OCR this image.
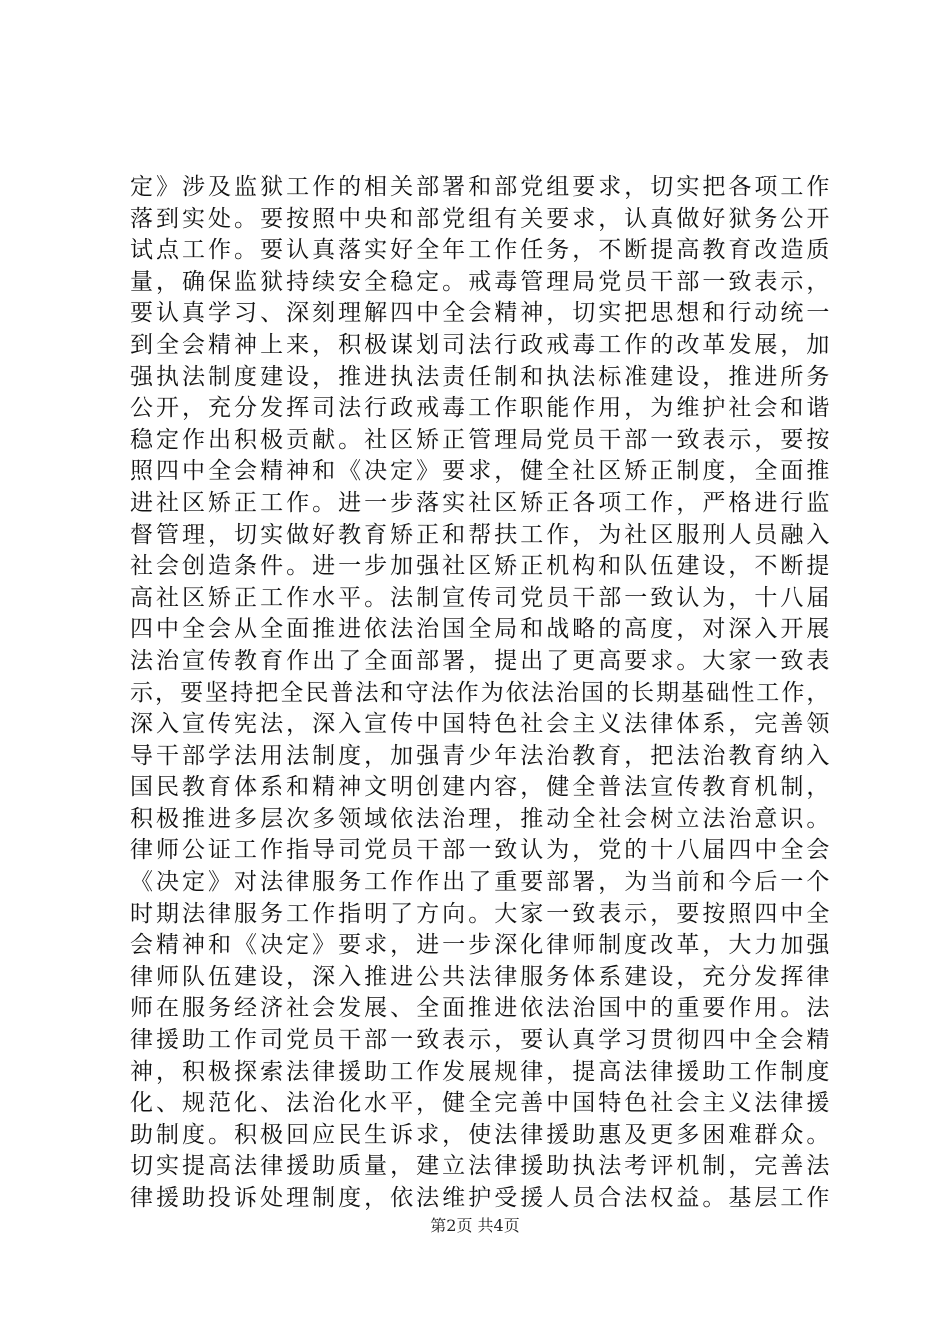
定》涉及监狱工作的相关部署和部党组要求，切实把各项工作
落到实处。要按照中央和部党组有关要求，认真做好狱务公开
试点工作。要认真落实好全年工作任务，不断提高教育改造质
量，确保监狱持续安全稳定。戒毒管理局党员干部一致表示，
要认真学习、深刻理解四中全会精神，切实把思想和行动统一
到全会精神上来，积极谋划司法行政戒毒工作的改革发展，加
强执法制度建设，推进执法责任制和执法标准建设，推进所务
公开，充分发挥司法行政戒毒工作职能作用，为维护社会和谐
稳定作出积极贡献。社区矫正管理局党员干部一致表示，要按
照四中全会精神和《决定》要求，健全社区矫正制度，全面推
进社区矫正工作。进一步落实社区矫正各项工作，严格进行监
督管理，切实做好教育矫正和帮扶工作，为社区服刑人员融入
社会创造条件。进一步加强社区矫正机构和队伍建设，不断提
高社区矫正工作水平。法制宣传司党员干部一致认为，十八届
四中全会从全面推进依法治国全局和战略的高度，对深入开展
法治宣传教育作出了全面部署，提出了更高要求。大家一致表
示，要坚持把全民普法和守法作为依法治国的长期基础性工作，
深入宣传宪法，深入宣传中国特色社会主义法律体系，完善领
导干部学法用法制度，加强青少年法治教育，把法治教育纳入
国民教育体系和精神文明创建内容，健全普法宣传教育机制，
积极推进多层次多领域依法治理，推动全社会树立法治意识。
律师公证工作指导司党员干部一致认为，党的十八届四中全会
《决定》对法律服务工作作出了重要部署，为当前和今后一个
时期法律服务工作指明了方向。大家一致表示，要按照四中全
会精神和《决定》要求，进一步深化律师制度改革，大力加强
律师队伍建设，深入推进公共法律服务体系建设，充分发挥律
师在服务经济社会发展、全面推进依法治国中的重要作用。法
律援助工作司党员干部一致表示，要认真学习贯彻四中全会精
神，积极探索法律援助工作发展规律，提高法律援助工作制度
化、规范化、法治化水平，健全完善中国特色社会主义法律援
助制度。积极回应民生诉求，使法律援助惠及更多困难群众。
切实提高法律援助质量，建立法律援助执法考评机制，完善法
律援助投诉处理制度，依法维护受援人员合法权益。基层工作
第2页 共4页
